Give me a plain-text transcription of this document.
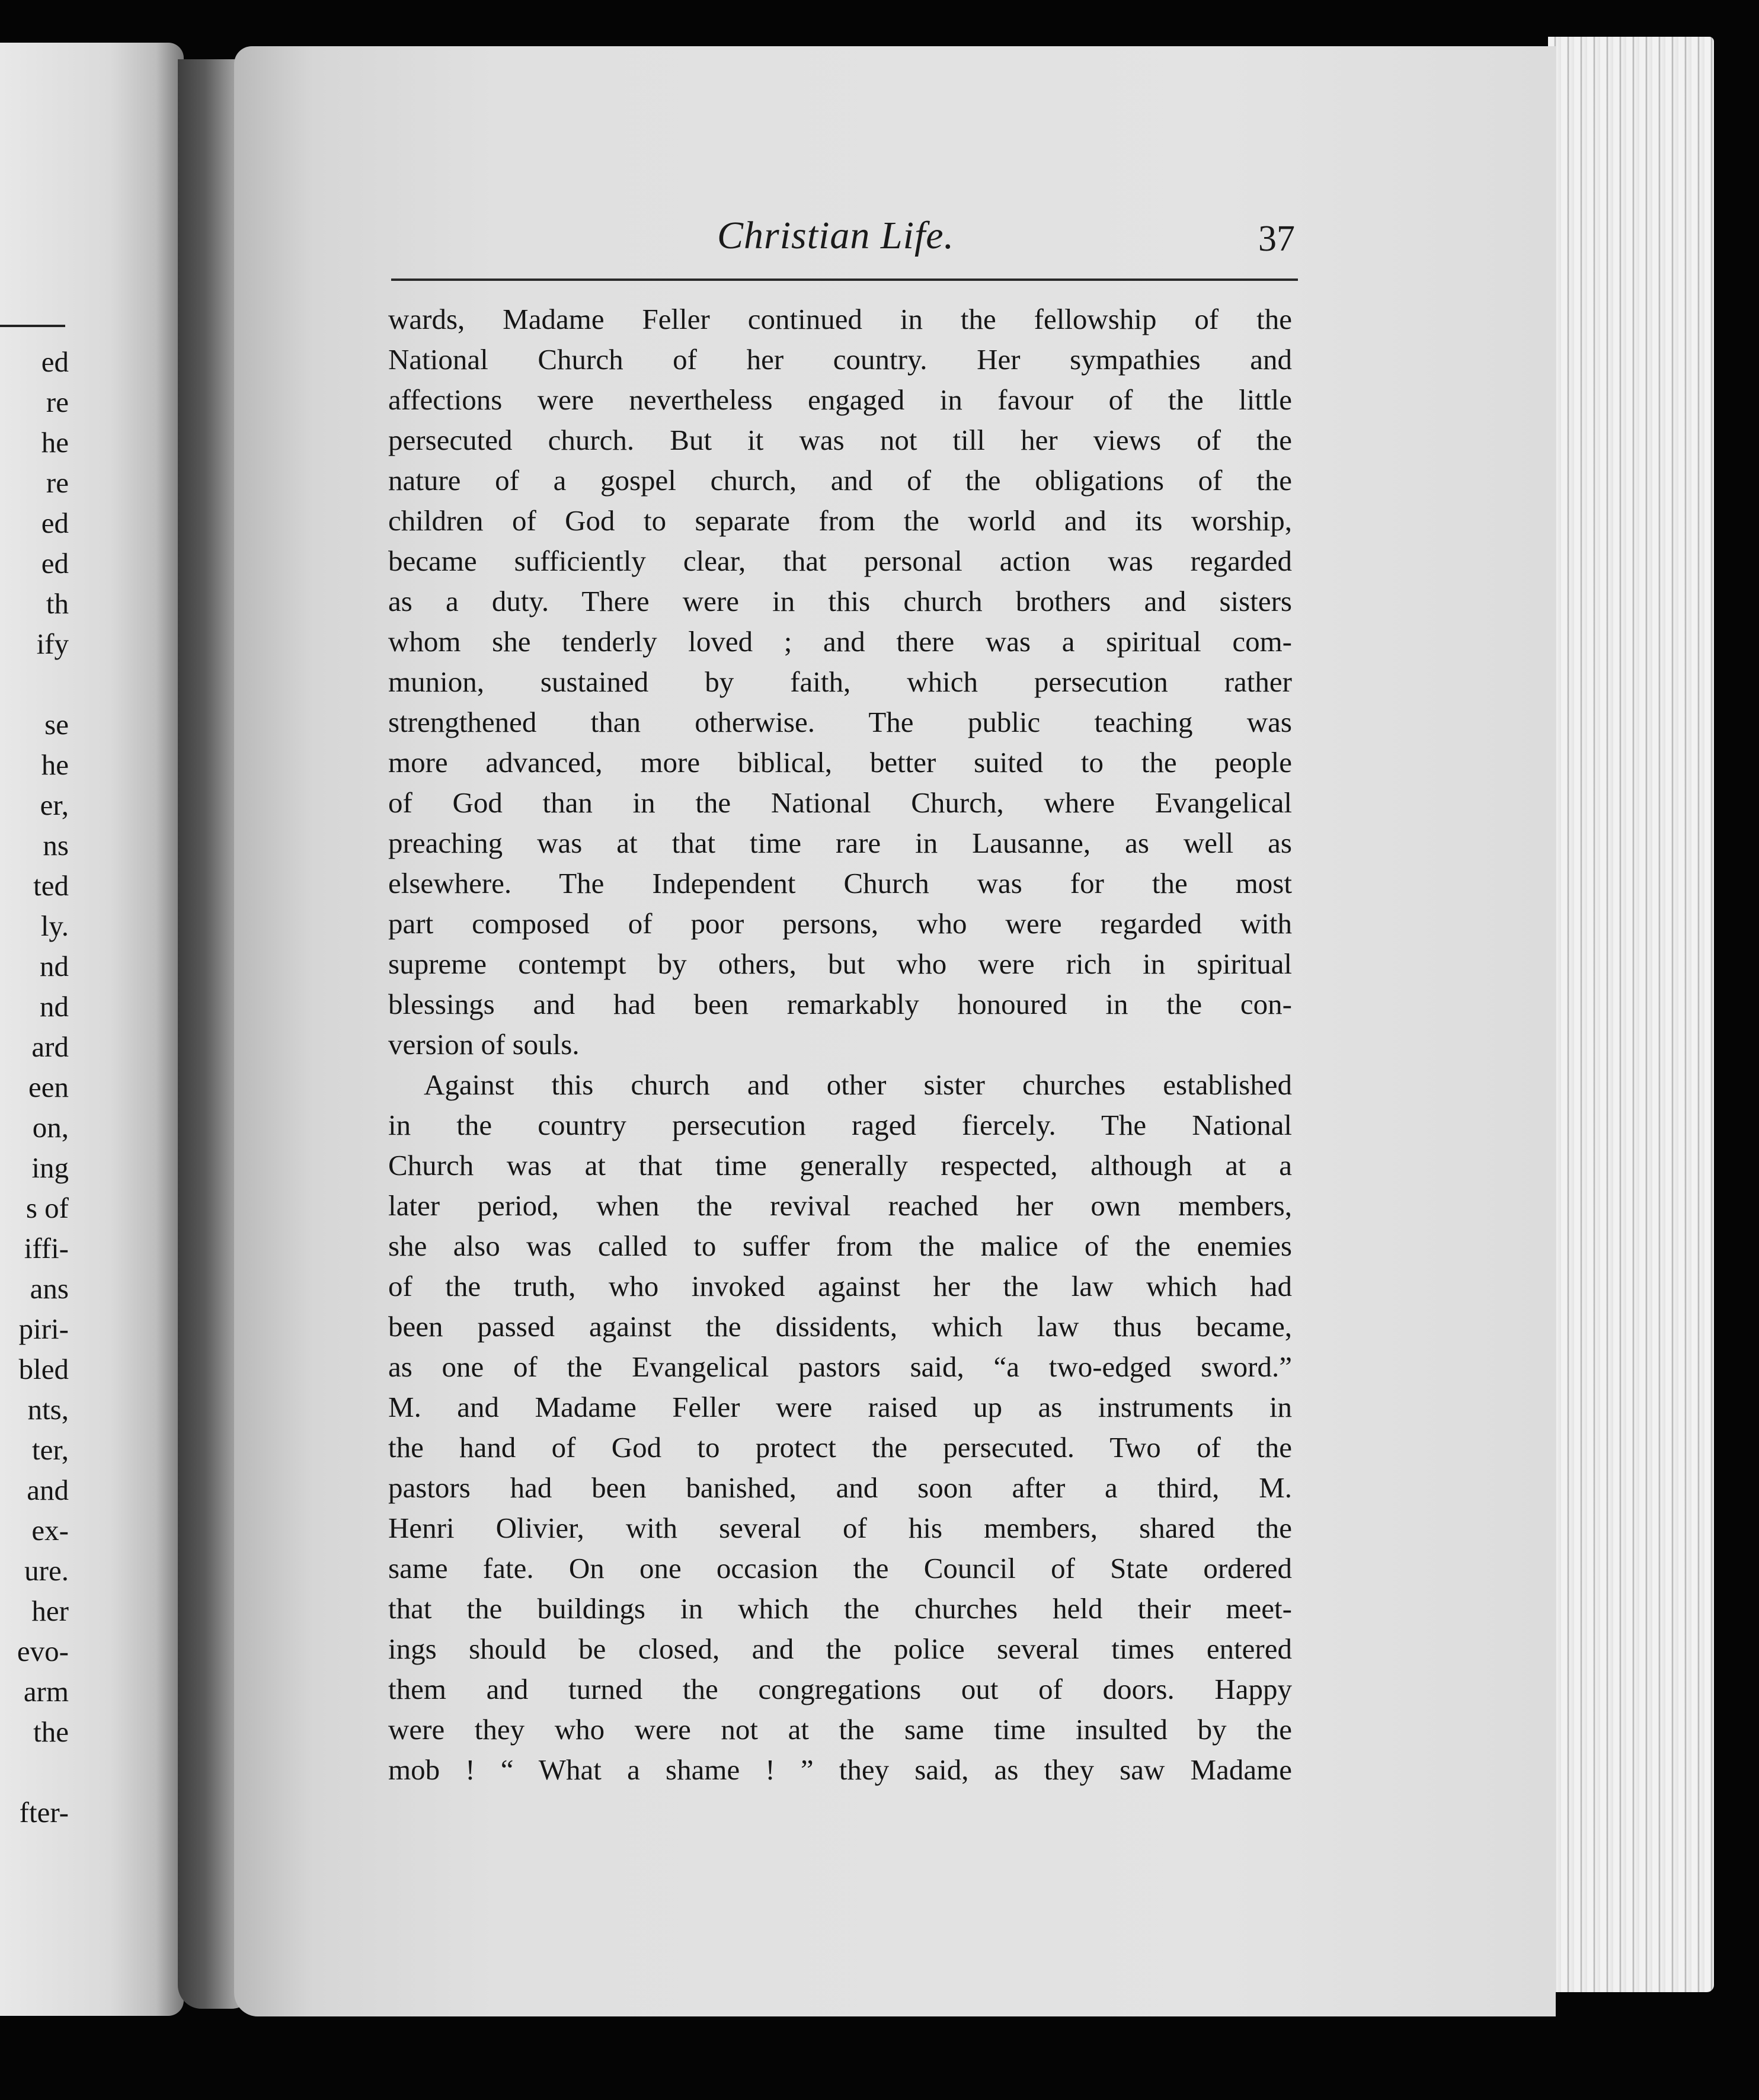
ed
re
he
re
ed
ed
th
ify
se
he
er,
ns
ted
ly.
nd
nd
ard
een
on,
ing
s of
iffi-
ans
piri-
bled
nts,
ter,
and
ex-
ure.
her
evo-
arm
the
fter-
Christian Life.	37
wards, Madame Feller continued in the fellowship of the
National Church of her country. Her sympathies and
affections were nevertheless engaged in favour of the little
persecuted church. But it was not till her views of the
nature of a gospel church, and of the obligations of the
children of God to separate from the world and its worship,
became sufficiently clear, that personal action was regarded
as a duty. There were in this church brothers and sisters
whom she tenderly loved ; and there was a spiritual com-
munion, sustained by faith, which persecution rather
strengthened than otherwise. The public teaching was
more advanced, more biblical, better suited to the people
of God than in the National Church, where Evangelical
preaching was at that time rare in Lausanne, as well as
elsewhere. The Independent Church was for the most
part composed of poor persons, who were regarded with
supreme contempt by others, but who were rich in spiritual
blessings and had been remarkably honoured in the con-
version of souls.
Against this church and other sister churches established
in the country persecution raged fiercely. The National
Church was at that time generally respected, although at a
later period, when the revival reached her own members,
she also was called to suffer from the malice of the enemies
of the truth, who invoked against her the law which had
been passed against the dissidents, which law thus became,
as one of the Evangelical pastors said, “a two-edged sword.”
M. and Madame Feller were raised up as instruments in
the hand of God to protect the persecuted. Two of the
pastors had been banished, and soon after a third, M.
Henri Olivier, with several of his members, shared the
same fate. On one occasion the Council of State ordered
that the buildings in which the churches held their meet-
ings should be closed, and the police several times entered
them and turned the congregations out of doors. Happy
were they who were not at the same time insulted by the
mob ! “ What a shame ! ” they said, as they saw Madame
